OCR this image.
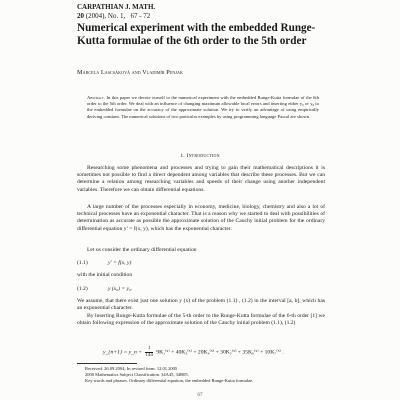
CARPATHIAN J. MATH.
20 (2004), No. 1, 67 - 72
Numerical experiment with the embedded Runge-Kutta formulae of the 6th order to the 5th order
Marcela Lascsáková and Vladimír Penjak
Abstract. In this paper we devote ourself to the numerical experiment with the embedded Runge-Kutta formulae of the 6th order to the 5th order. We deal with an influence of changing maximum allowable local errors and inserting either y₀ or y₆ to the embedded formulae on the accuracy of the approximate solution. We try to verify an advantage of using empirically deriving constant. The numerical solutions of two particular examples by using programming language Pascal are shown.
1. Introduction
Researching some phenomena and processes and trying to gain their mathematical descriptions it is sometimes not possible to find a direct dependent among variables that describe these processes. But we can determine a relation among researching variables and speeds of their change using another independent variables. Therefore we can obtain differential equations.
A large number of the processes especially in economy, medicine, biology, chemistry and also a lot of technical processes have an exponential character. That is a reason why we started to deal with possibilities of determination as accurate as possible the approximate solution of the Cauchy initial problem for the ordinary differential equation y′ = f(x, y), which has the exponential character.
Let us consider the ordinary differential equation
(1.1)	y′ = f(x, y)
with the initial condition
(1.2)	y (x₀) = y₀.
We assume, that there exist just one solution y (x) of the problem (1.1) , (1.2) in the interval [a, b], which has an exponential character.
By inserting Runge-Kutta formulae of the 5-th order to the Runge-Kutta formulae of the 6-th order [1] we obtain following expression of the approximate solution of the Cauchy initial problem (1.1), (1.2)
y_{n+1} = y_n + $\frac{1}{144} 9K_1^{(5)} + 40K_3^{(5)} + 20K_4^{(5)} + 30K_5^{(5)} + 35K_6^{(5)} + 10K_7^{(5)}$ .
Received: 26.09.2004; In revised form: 12.01.2005
2000 Mathematics Subject Classification. 34A45, 34B05.
Key words and phrases. Ordinary differential equation, the embedded Runge-Kutta formulae.
67
